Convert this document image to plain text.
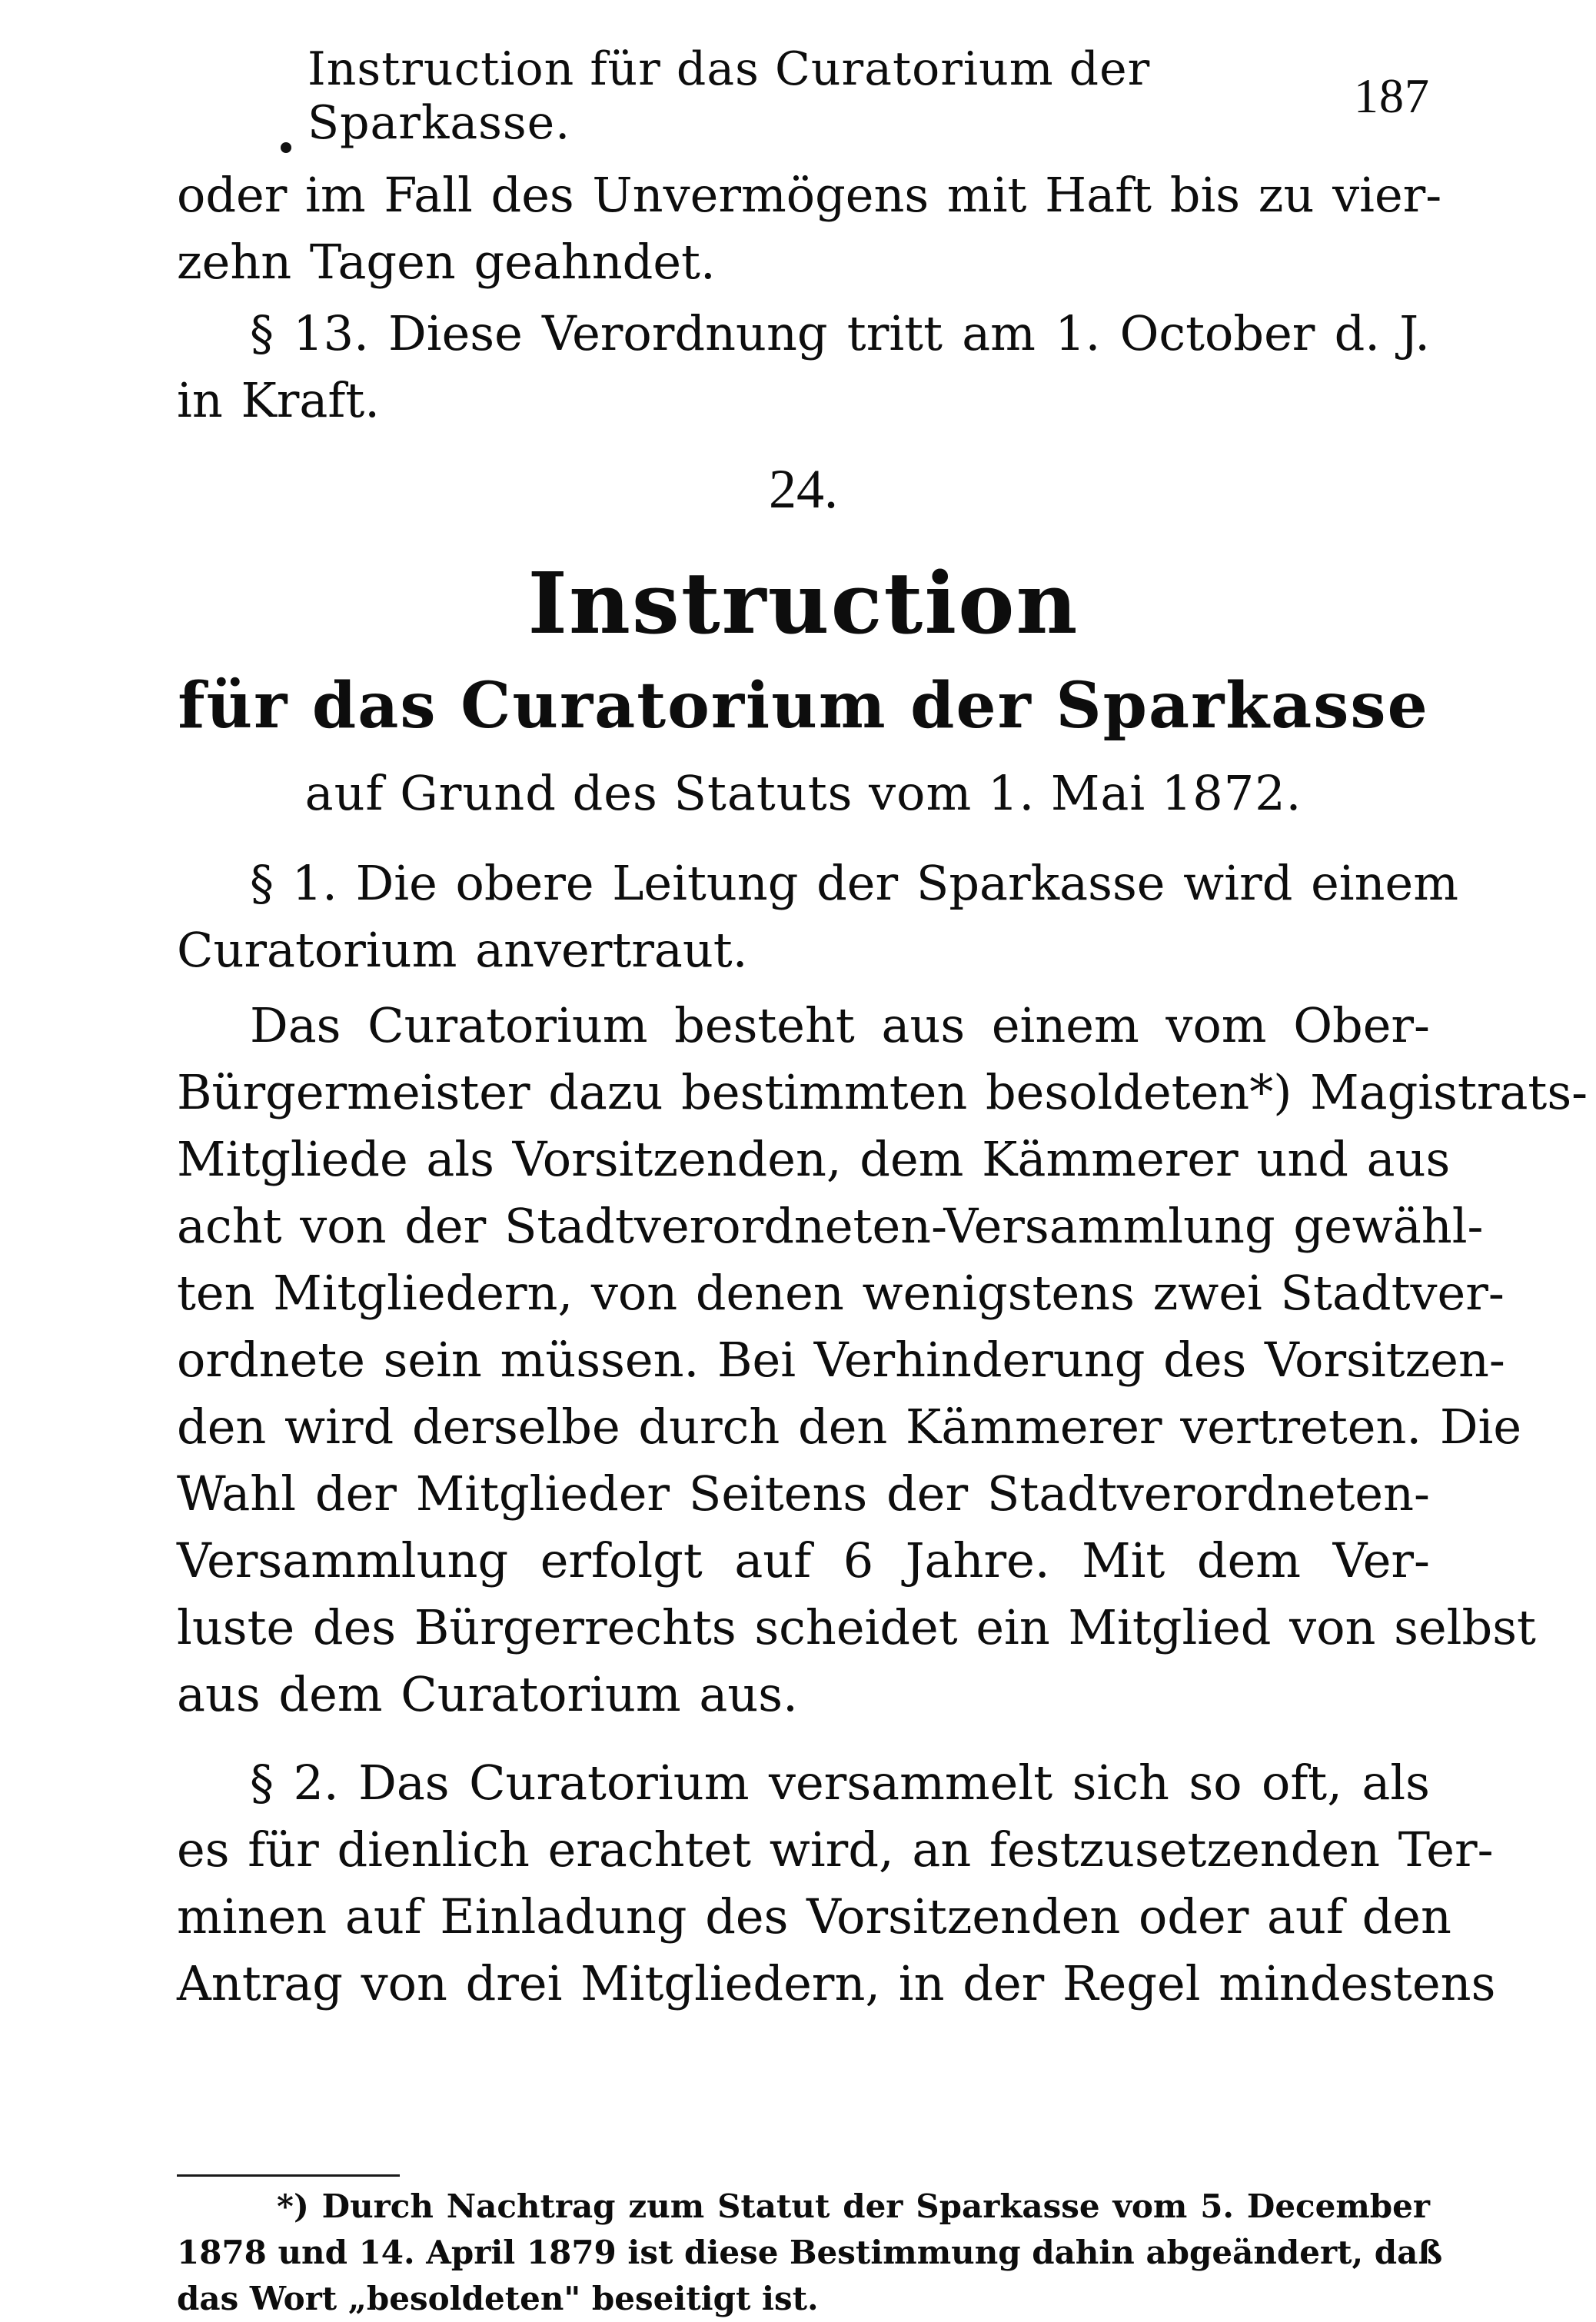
Instruction für das Curatorium der Sparkasse.	187
oder im Fall des Unvermögens mit Haft bis zu vier-
zehn Tagen geahndet.
§ 13. Diese Verordnung tritt am 1. October d. J.
in Kraft.
24.
Instruction
für das Curatorium der Sparkasse
auf Grund des Statuts vom 1. Mai 1872.
§ 1. Die obere Leitung der Sparkasse wird einem
Curatorium anvertraut.
Das Curatorium besteht aus einem vom Ober-
Bürgermeister dazu bestimmten besoldeten*) Magistrats-
Mitgliede als Vorsitzenden, dem Kämmerer und aus
acht von der Stadtverordneten-Versammlung gewähl-
ten Mitgliedern, von denen wenigstens zwei Stadtver-
ordnete sein müssen. Bei Verhinderung des Vorsitzen-
den wird derselbe durch den Kämmerer vertreten. Die
Wahl der Mitglieder Seitens der Stadtverordneten-
Versammlung erfolgt auf 6 Jahre. Mit dem Ver-
luste des Bürgerrechts scheidet ein Mitglied von selbst
aus dem Curatorium aus.
§ 2. Das Curatorium versammelt sich so oft, als
es für dienlich erachtet wird, an festzusetzenden Ter-
minen auf Einladung des Vorsitzenden oder auf den
Antrag von drei Mitgliedern, in der Regel mindestens
*) Durch Nachtrag zum Statut der Sparkasse vom 5. December
1878 und 14. April 1879 ist diese Bestimmung dahin abgeändert, daß
das Wort „besoldeten" beseitigt ist.
